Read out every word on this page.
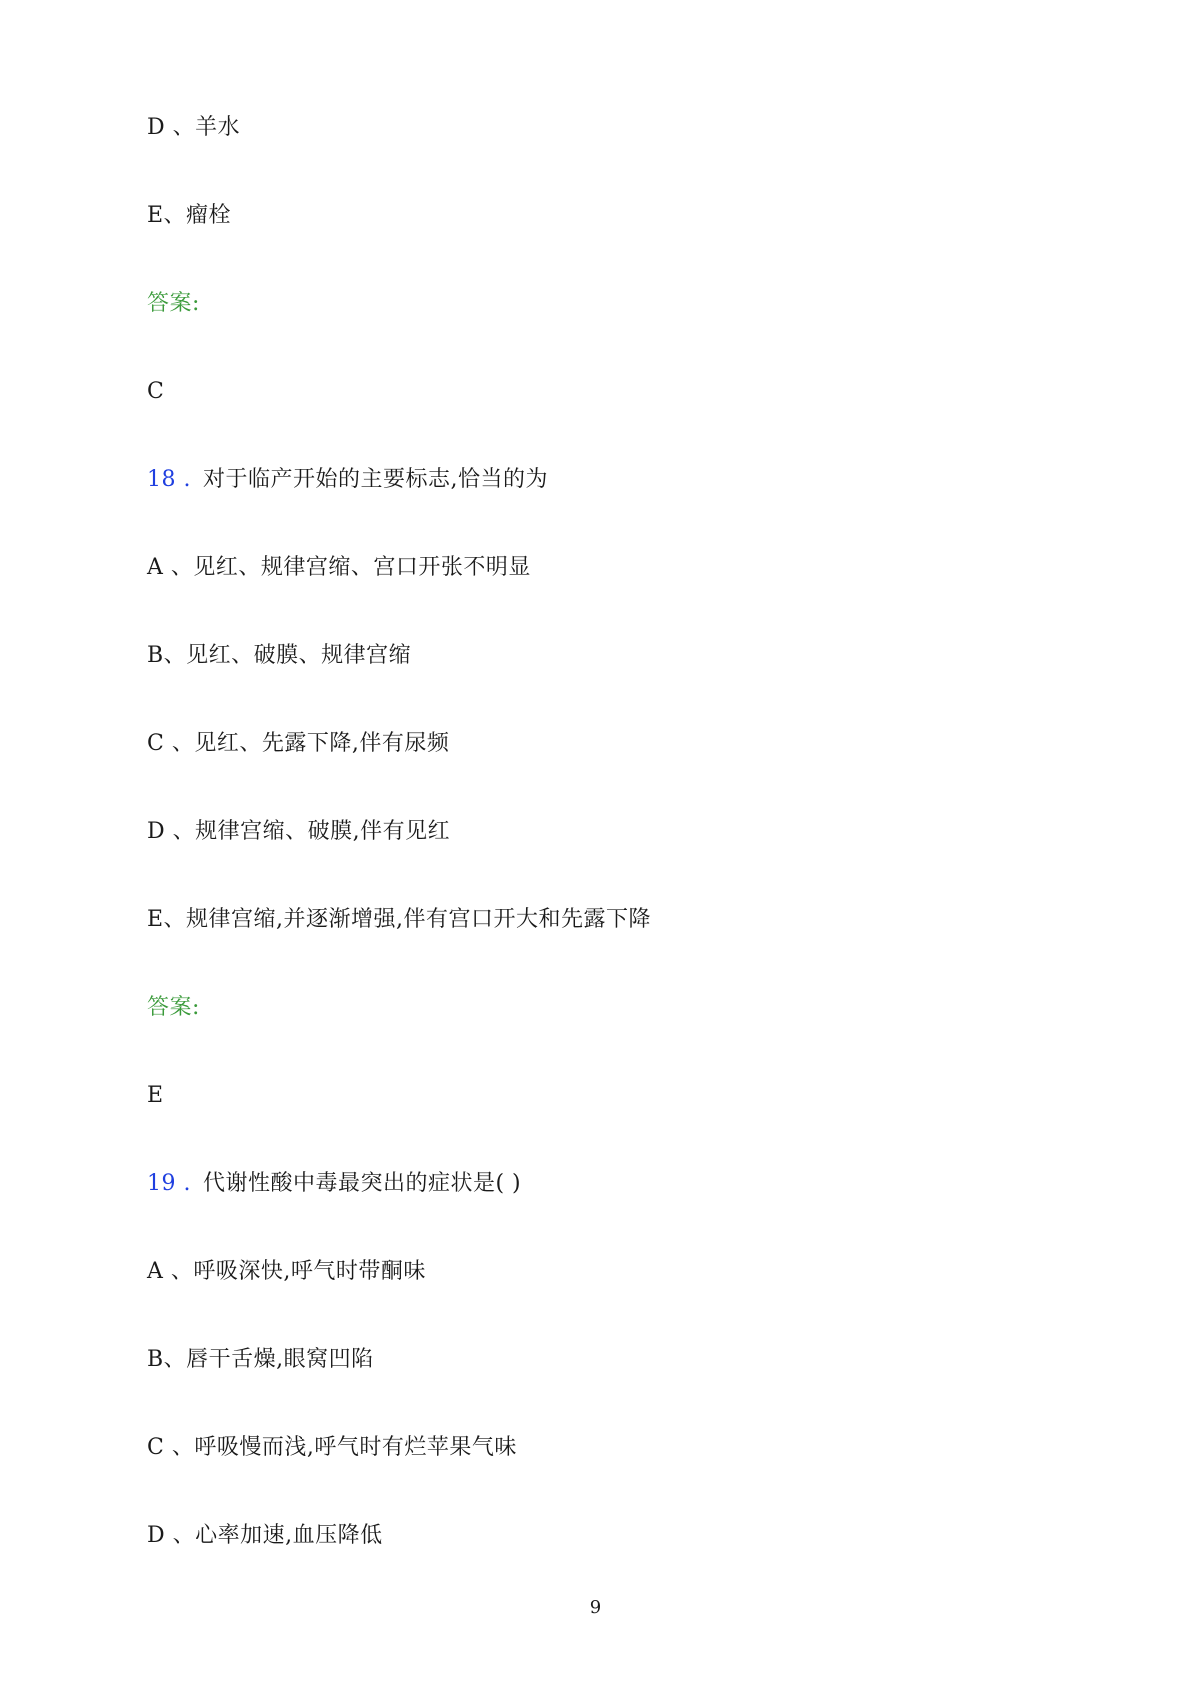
D 、羊水
E、瘤栓
答案:
C
18 . 对于临产开始的主要标志,恰当的为
A 、见红、规律宫缩、宫口开张不明显
B、见红、破膜、规律宫缩
C 、见红、先露下降,伴有尿频
D 、规律宫缩、破膜,伴有见红
E、规律宫缩,并逐渐增强,伴有宫口开大和先露下降
答案:
E
19 . 代谢性酸中毒最突出的症状是( )
A 、呼吸深快,呼气时带酮味
B、唇干舌燥,眼窝凹陷
C 、呼吸慢而浅,呼气时有烂苹果气味
D 、心率加速,血压降低
9
